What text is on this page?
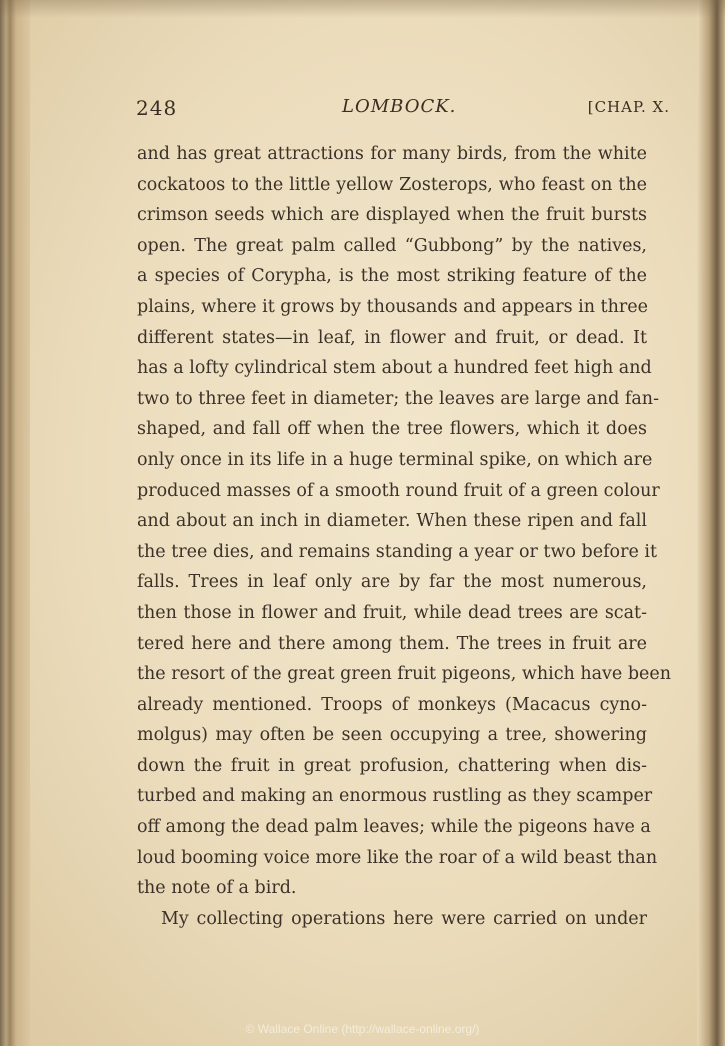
248	LOMBOCK.	[CHAP. X.
and has great attractions for many birds, from the white
cockatoos to the little yellow Zosterops, who feast on the
crimson seeds which are displayed when the fruit bursts
open. The great palm called “Gubbong” by the natives,
a species of Corypha, is the most striking feature of the
plains, where it grows by thousands and appears in three
different states—in leaf, in flower and fruit, or dead. It
has a lofty cylindrical stem about a hundred feet high and
two to three feet in diameter; the leaves are large and fan-
shaped, and fall off when the tree flowers, which it does
only once in its life in a huge terminal spike, on which are
produced masses of a smooth round fruit of a green colour
and about an inch in diameter. When these ripen and fall
the tree dies, and remains standing a year or two before it
falls. Trees in leaf only are by far the most numerous,
then those in flower and fruit, while dead trees are scat-
tered here and there among them. The trees in fruit are
the resort of the great green fruit pigeons, which have been
already mentioned. Troops of monkeys (Macacus cyno-
molgus) may often be seen occupying a tree, showering
down the fruit in great profusion, chattering when dis-
turbed and making an enormous rustling as they scamper
off among the dead palm leaves; while the pigeons have a
loud booming voice more like the roar of a wild beast than
the note of a bird.
My collecting operations here were carried on under
© Wallace Online (http://wallace-online.org/)
